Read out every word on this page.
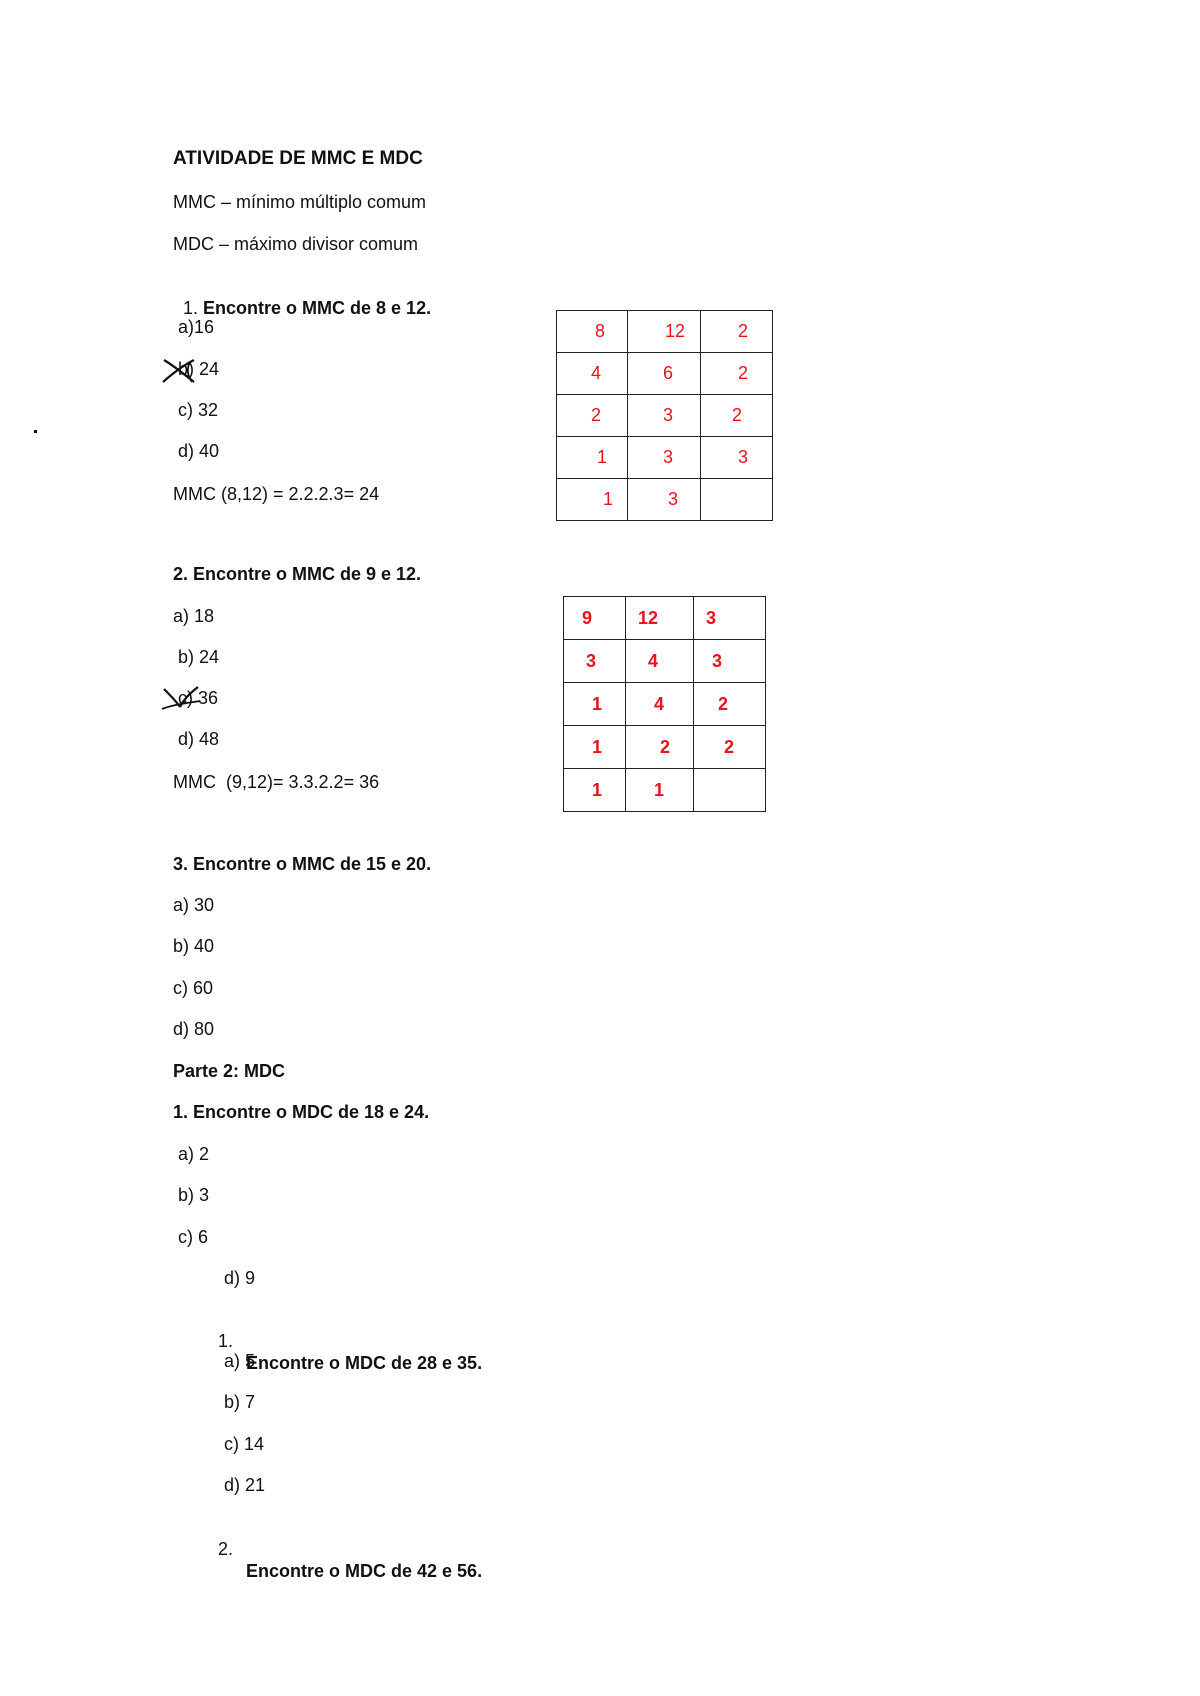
ATIVIDADE DE MMC E MDC
MMC – mínimo múltiplo comum
MDC – máximo divisor comum

1. Encontre o MMC de 8 e 12.

a)16
b) 24
c) 32
d) 40
MMC (8,12) = 2.2.2.3= 24
8	12	2
4	6	2
2	3	2
1	3	3
1	3	
2. Encontre o MMC de 9 e 12.
a) 18
b) 24
c) 36
d) 48
MMC  (9,12)= 3.3.2.2= 36
9	12	3
3	4	3
1	4	2
1	2	2
1	1	
3. Encontre o MMC de 15 e 20.
a) 30
b) 40
c) 60
d) 80
Parte 2: MDC
1. Encontre o MDC de 18 e 24.
a) 2
b) 3
c) 6
d) 9

1.

Encontre o MDC de 28 e 35.

a) 5
b) 7
c) 14
d) 21

2.

Encontre o MDC de 42 e 56.
